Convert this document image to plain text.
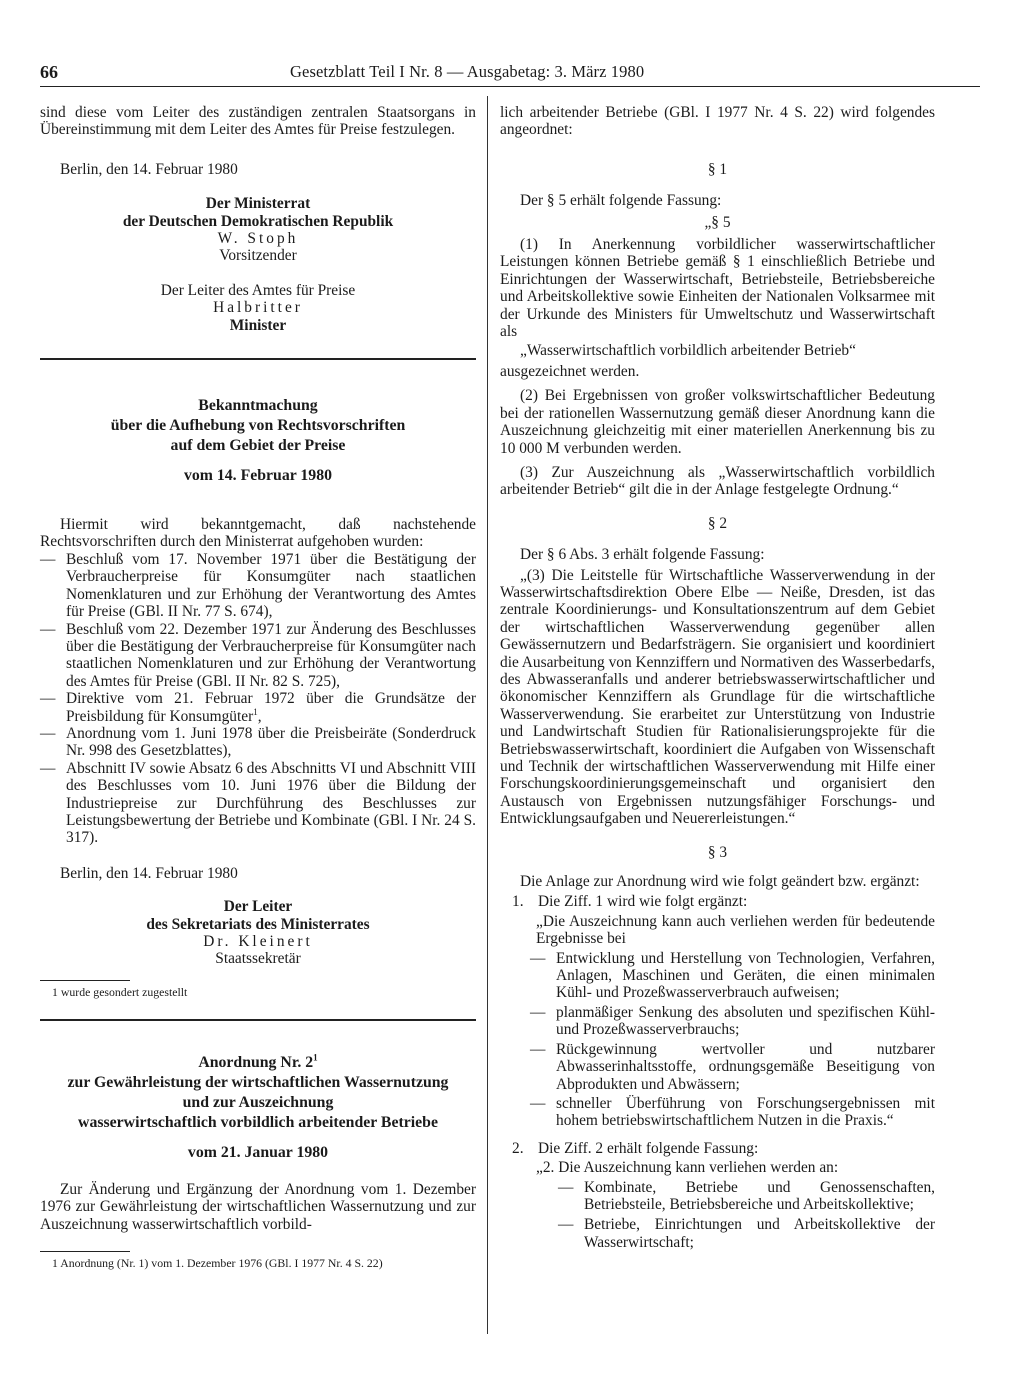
66	Gesetzblatt Teil I Nr. 8 — Ausgabetag: 3. März 1980

sind diese vom Leiter des zuständigen zentralen Staatsorgans in Übereinstimmung mit dem Leiter des Amtes für Preise festzulegen.

Berlin, den 14. Februar 1980

Der Ministerrat

der Deutschen Demokratischen Republik

W. Stoph

Vorsitzender

Der Leiter des Amtes für Preise

Halbritter

Minister

Bekanntmachung

über die Aufhebung von Rechtsvorschriften

auf dem Gebiet der Preise

vom 14. Februar 1980

Hiermit wird bekanntgemacht, daß nachstehende Rechtsvorschriften durch den Ministerrat aufgehoben wurden:

— Beschluß vom 17. November 1971 über die Bestätigung der Verbraucherpreise für Konsumgüter nach staatlichen Nomenklaturen und zur Erhöhung der Verantwortung des Amtes für Preise (GBl. II Nr. 77 S. 674),
— Beschluß vom 22. Dezember 1971 zur Änderung des Beschlusses über die Bestätigung der Verbraucherpreise für Konsumgüter nach staatlichen Nomenklaturen und zur Erhöhung der Verantwortung des Amtes für Preise (GBl. II Nr. 82 S. 725),
— Direktive vom 21. Februar 1972 über die Grundsätze der Preisbildung für Konsumgüter$^1$,
— Anordnung vom 1. Juni 1978 über die Preisbeiräte (Sonderdruck Nr. 998 des Gesetzblattes),
— Abschnitt IV sowie Absatz 6 des Abschnitts VI und Abschnitt VIII des Beschlusses vom 10. Juni 1976 über die Bildung der Industriepreise zur Durchführung des Beschlusses zur Leistungsbewertung der Betriebe und Kombinate (GBl. I Nr. 24 S. 317).

Berlin, den 14. Februar 1980

Der Leiter

des Sekretariats des Ministerrates

Dr. Kleinert

Staatssekretär

1 wurde gesondert zugestellt

Anordnung Nr. $2^1$

zur Gewährleistung der wirtschaftlichen Wassernutzung

und zur Auszeichnung

wasserwirtschaftlich vorbildlich arbeitender Betriebe

vom 21. Januar 1980

Zur Änderung und Ergänzung der Anordnung vom 1. Dezember 1976 zur Gewährleistung der wirtschaftlichen Wassernutzung und zur Auszeichnung wasserwirtschaftlich vorbild-

1 Anordnung (Nr. 1) vom 1. Dezember 1976 (GBl. I 1977 Nr. 4 S. 22)

lich arbeitender Betriebe (GBl. I 1977 Nr. 4 S. 22) wird folgendes angeordnet:

§ 1

Der § 5 erhält folgende Fassung:

„§ 5

(1) In Anerkennung vorbildlicher wasserwirtschaftlicher Leistungen können Betriebe gemäß § 1 einschließlich Betriebe und Einrichtungen der Wasserwirtschaft, Betriebsteile, Betriebsbereiche und Arbeitskollektive sowie Einheiten der Nationalen Volksarmee mit der Urkunde des Ministers für Umweltschutz und Wasserwirtschaft als

„Wasserwirtschaftlich vorbildlich arbeitender Betrieb“

ausgezeichnet werden.

(2) Bei Ergebnissen von großer volkswirtschaftlicher Bedeutung bei der rationellen Wassernutzung gemäß dieser Anordnung kann die Auszeichnung gleichzeitig mit einer materiellen Anerkennung bis zu 10 000 M verbunden werden.

(3) Zur Auszeichnung als „Wasserwirtschaftlich vorbildlich arbeitender Betrieb“ gilt die in der Anlage festgelegte Ordnung.“

§ 2

Der § 6 Abs. 3 erhält folgende Fassung:

„(3) Die Leitstelle für Wirtschaftliche Wasserverwendung in der Wasserwirtschaftsdirektion Obere Elbe — Neiße, Dresden, ist das zentrale Koordinierungs- und Konsultationszentrum auf dem Gebiet der wirtschaftlichen Wasserverwendung gegenüber allen Gewässernutzern und Bedarfsträgern. Sie organisiert und koordiniert die Ausarbeitung von Kennziffern und Normativen des Wasserbedarfs, des Abwasseranfalls und anderer betriebswasserwirtschaftlicher und ökonomischer Kennziffern als Grundlage für die wirtschaftliche Wasserverwendung. Sie erarbeitet zur Unterstützung von Industrie und Landwirtschaft Studien für Rationalisierungsprojekte für die Betriebswasserwirtschaft, koordiniert die Aufgaben von Wissenschaft und Technik der wirtschaftlichen Wasserverwendung mit Hilfe einer Forschungskoordinierungsgemeinschaft und organisiert den Austausch von Ergebnissen nutzungsfähiger Forschungs- und Entwicklungsaufgaben und Neuererleistungen.“

§ 3

Die Anlage zur Anordnung wird wie folgt geändert bzw. ergänzt:

1. Die Ziff. 1 wird wie folgt ergänzt:

„Die Auszeichnung kann auch verliehen werden für bedeutende Ergebnisse bei

— Entwicklung und Herstellung von Technologien, Verfahren, Anlagen, Maschinen und Geräten, die einen minimalen Kühl- und Prozeßwasserverbrauch aufweisen;
— planmäßiger Senkung des absoluten und spezifischen Kühl- und Prozeßwasserverbrauchs;
— Rückgewinnung wertvoller und nutzbarer Abwasserinhaltsstoffe, ordnungsgemäße Beseitigung von Abprodukten und Abwässern;
— schneller Überführung von Forschungsergebnissen mit hohem betriebswirtschaftlichem Nutzen in die Praxis.“
2. Die Ziff. 2 erhält folgende Fassung:

„2. Die Auszeichnung kann verliehen werden an:

— Kombinate, Betriebe und Genossenschaften, Betriebsteile, Betriebsbereiche und Arbeitskollektive;
— Betriebe, Einrichtungen und Arbeitskollektive der Wasserwirtschaft;
